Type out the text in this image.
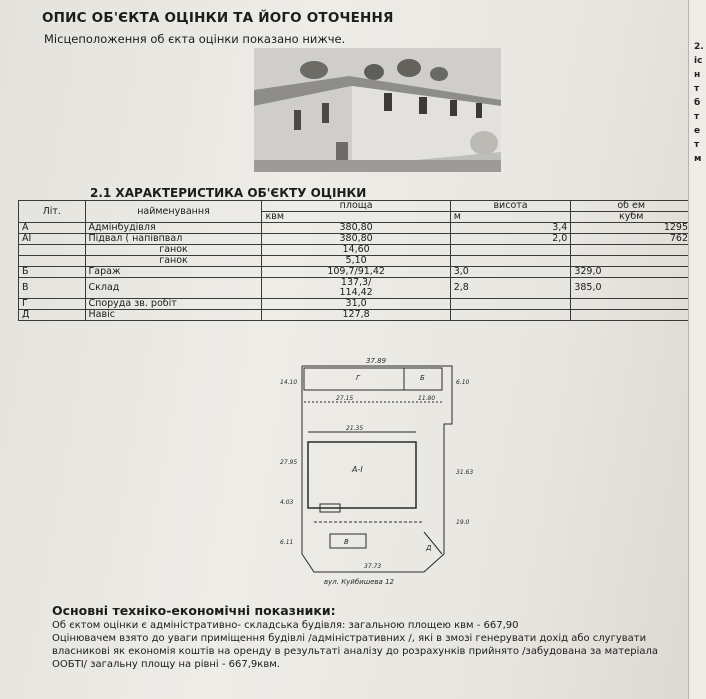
ОПИС ОБ'ЄКТА ОЦІНКИ ТА ЙОГО ОТОЧЕННЯ
Місцеположення об єкта оцінки показано нижче.
2.1 ХАРАКТЕРИСТИКА ОБ'ЄКТУ ОЦІНКИ
Літ.	найменування	площа	висота	об ем
		квм	м	кубм
А	Адмінбудівля	380,80	3,4	1295
АІ	Підвал ( напівпвал	380,80	2,0	762
	ганок	14,60		
	ганок	5,10		
Б	Гараж	109,7/91,42	3,0	329,0
В	Склад	137,3/
114,42	2,8	385,0
Г	Споруда зв. робіт	31,0		
Д	Навіс	127,8		
37.89
27.15	11.80
Г	Б
21.35
А-І
В
Д
37.73
вул. Куйбишева 12
14.10
27.95
4.03
6.11
6.10
31.63
19.0
Основні техніко-економічні показники:
Об єктом оцінки є адміністративно- складська будівля: загальною площею квм - 667,90
Оцінювачем взято до уваги приміщення будівлі /адміністративних /, які в змозі генерувати дохід або слугувати
власникові як економія коштів на оренду в результаті аналізу до розрахунків прийнято /забудована за матеріала
ООБТІ/ загальну площу на рівні - 667,9квм.
2.
іс
н
т
б
т
е
т
м
